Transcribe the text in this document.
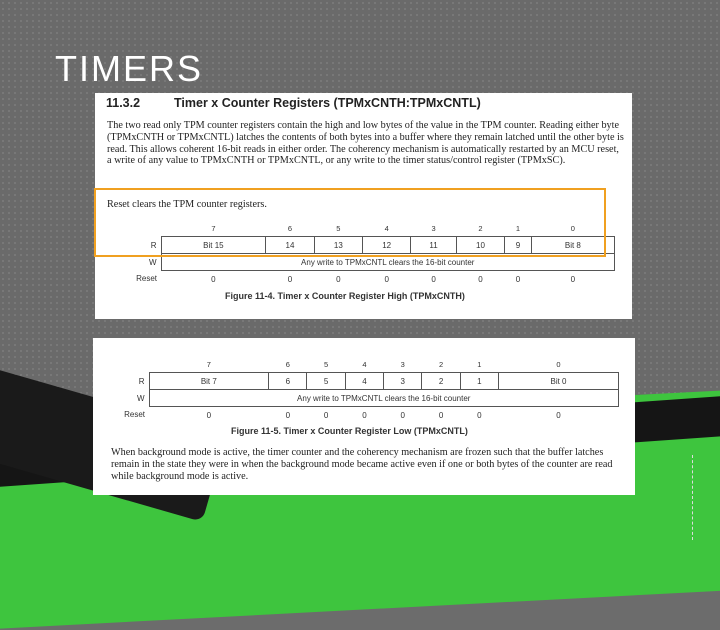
TIMERS
11.3.2	Timer x Counter Registers (TPMxCNTH:TPMxCNTL)
The two read only TPM counter registers contain the high and low bytes of the value in the TPM counter. Reading either byte (TPMxCNTH or TPMxCNTL) latches the contents of both bytes into a buffer where they remain latched until the other byte is read. This allows coherent 16-bit reads in either order. The coherency mechanism is automatically restarted by an MCU reset, a write of any value to TPMxCNTH or TPMxCNTL, or any write to the timer status/control register (TPMxSC).
Reset clears the TPM counter registers.
	7	6	5	4	3	2	1	0
R	Bit 15	14	13	12	11	10	9	Bit 8
W	Any write to TPMxCNTL clears the 16-bit counter							
Reset	0	0	0	0	0	0	0	0
Figure 11-4. Timer x Counter Register High (TPMxCNTH)
	7	6	5	4	3	2	1	0
R	Bit 7	6	5	4	3	2	1	Bit 0
W	Any write to TPMxCNTL clears the 16-bit counter							
Reset	0	0	0	0	0	0	0	0
Figure 11-5. Timer x Counter Register Low (TPMxCNTL)
When background mode is active, the timer counter and the coherency mechanism are frozen such that the buffer latches remain in the state they were in when the background mode became active even if one or both bytes of the counter are read while background mode is active.
